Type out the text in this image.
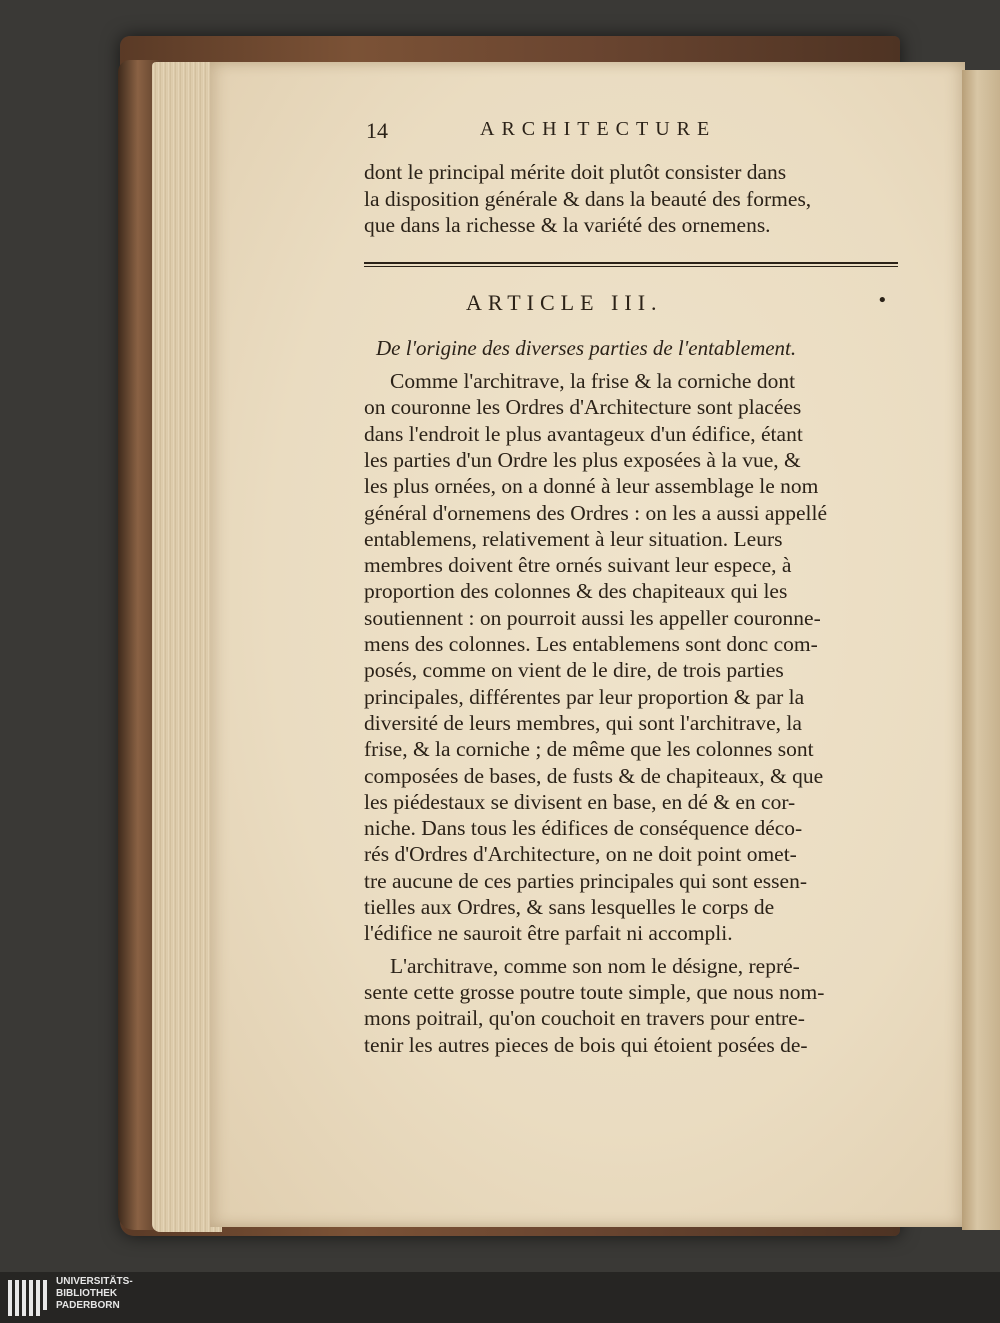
14	ARCHITECTURE
dont le principal mérite doit plutôt consister dans
la disposition générale & dans la beauté des formes,
que dans la richesse & la variété des ornemens.
ARTICLE III.	•
De l'origine des diverses parties de l'entablement.
Comme l'architrave, la frise & la corniche dont
on couronne les Ordres d'Architecture sont placées
dans l'endroit le plus avantageux d'un édifice, étant
les parties d'un Ordre les plus exposées à la vue, &
les plus ornées, on a donné à leur assemblage le nom
général d'ornemens des Ordres : on les a aussi appellé
entablemens, relativement à leur situation. Leurs
membres doivent être ornés suivant leur espece, à
proportion des colonnes & des chapiteaux qui les
soutiennent : on pourroit aussi les appeller couronne-
mens des colonnes. Les entablemens sont donc com-
posés, comme on vient de le dire, de trois parties
principales, différentes par leur proportion & par la
diversité de leurs membres, qui sont l'architrave, la
frise, & la corniche ; de même que les colonnes sont
composées de bases, de fusts & de chapiteaux, & que
les piédestaux se divisent en base, en dé & en cor-
niche. Dans tous les édifices de conséquence déco-
rés d'Ordres d'Architecture, on ne doit point omet-
tre aucune de ces parties principales qui sont essen-
tielles aux Ordres, & sans lesquelles le corps de
l'édifice ne sauroit être parfait ni accompli.
L'architrave, comme son nom le désigne, repré-
sente cette grosse poutre toute simple, que nous nom-
mons poitrail, qu'on couchoit en travers pour entre-
tenir les autres pieces de bois qui étoient posées de-
UNIVERSITÄTS-
BIBLIOTHEK
PADERBORN
